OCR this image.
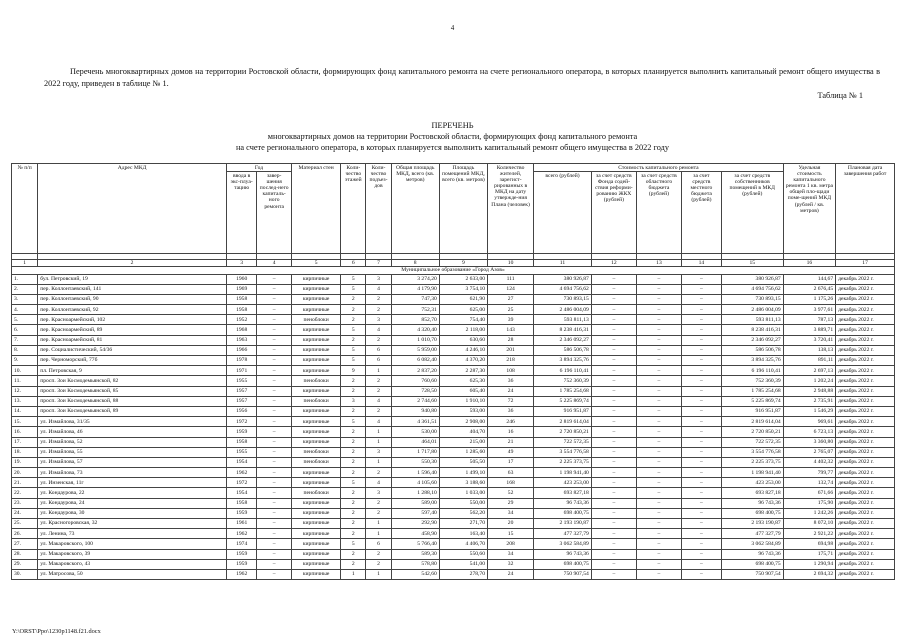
4
Перечень многоквартирных домов на территории Ростовской области, формирующих фонд капитального ремонта на счете регионального оператора, в которых планируется выполнить капитальный ремонт общего имущества в 2022 году, приведен в таблице № 1.
Таблица № 1
ПЕРЕЧЕНЬ
многоквартирных домов на территории Ростовской области, формирующих фонд капитального ремонта
на счете регионального оператора, в которых планируется выполнить капитальный ремонт общего имущества в 2022 году
№ п/п	Адрес МКД	Год		Материал стен	Коли-чество этажей	Коли-чество подъез-дов	Общая площадь МКД, всего (кв. метров)	Площадь помещений МКД, всего (кв. метров)	Количество жителей, зарегист-рированных в МКД на дату утвержде-ния Плана (человек)	Стоимость капитального ремонта					Удельная стоимость капитального ремонта 1 кв. метра общей пло-щади поме-щений МКД (рублей / кв. метров)	Плановая дата завершения работ
		ввода в экс-плуа-тацию	завер-шения послед-него капиталь-ного ремонта							всего (рублей)	за счет средств Фонда содей-ствия реформи-рованию ЖКХ (рублей)	за счет средств областного бюджета (рублей)	за счет средств местного бюджета (рублей)	за счет средств собственников помещений в МКД (рублей)		

1	2	3	4	5	6	7	8	9	10	11	12	13	14	15	16	17
Муниципальное образование «Город Азов»																
1.	бул. Петровский, 19	1960	–	кирпичные	5	3	3 274,20	2 633,00	111	380 926,87	–	–	–	380 926,87	144,67	декабрь 2022 г.
2.	пер. Коллонтаевский, 141	1969	–	кирпичные	5	4	4 179,90	3 754,10	124	4 694 756,62	–	–	–	4 694 756,62	2 676,45	декабрь 2022 г.
3.	пер. Коллонтаевский, 90	1958	–	кирпичные	2	2	747,30	621,90	27	730 893,15	–	–	–	730 893,15	1 175,26	декабрь 2022 г.
4.	пер. Коллонтаевский, 92	1958	–	кирпичные	2	2	752,31	625,00	25	2 486 004,09	–	–	–	2 486 004,09	3 977,61	декабрь 2022 г.
5.	пер. Красноармейский, 102	1952	–	пеноблоки	2	3	852,70	754,40	39	593 811,13	–	–	–	593 811,13	787,13	декабрь 2022 г.
6.	пер. Красноармейский, 89	1968	–	кирпичные	5	4	4 320,40	2 118,00	143	8 238 416,31	–	–	–	8 238 416,31	3 889,71	декабрь 2022 г.
7.	пер. Красноармейский, 81	1963	–	кирпичные	2	2	1 010,70	630,60	28	2 346 092,27	–	–	–	2 346 092,27	3 720,41	декабрь 2022 г.
8.	пер. Социалистический, 54/36	1966	–	кирпичные	5	6	5 959,00	4 246,10	201	586 506,78	–	–	–	586 506,78	138,13	декабрь 2022 г.
9.	пер. Черноморский, 77б	1978	–	кирпичные	5	6	6 082,40	4 370,20	218	3 894 325,76	–	–	–	3 894 325,76	891,11	декабрь 2022 г.
10.	пл. Петровская, 9	1971	–	кирпичные	9	1	2 837,20	2 287,30	108	6 196 110,41	–	–	–	6 196 110,41	2 697,13	декабрь 2022 г.
11.	просп. Зои Космодемьянской, 82	1955	–	пеноблоки	2	2	760,60	625,30	36	752 360,39	–	–	–	752 360,39	1 202,24	декабрь 2022 г.
12.	просп. Зои Космодемьянской, 85	1957	–	кирпичные	2	2	728,50	605,40	24	1 785 254,68	–	–	–	1 785 254,68	2 948,88	декабрь 2022 г.
13.	просп. Зои Космодемьянской, 88	1957	–	пеноблоки	3	4	2 744,60	1 910,10	72	5 225 869,74	–	–	–	5 225 869,74	2 735,91	декабрь 2022 г.
14.	просп. Зои Космодемьянской, 89	1956	–	кирпичные	2	2	940,80	593,00	36	916 951,87	–	–	–	916 951,87	1 546,29	декабрь 2022 г.
15.	ул. Измайлова, 31/35	1972	–	кирпичные	5	4	4 361,51	2 908,00	246	2 819 614,04	–	–	–	2 819 614,04	969,61	декабрь 2022 г.
16.	ул. Измайлова, 46	1959	–	кирпичные	2	1	530,00	404,70	16	2 720 850,21	–	–	–	2 720 850,21	6 723,13	декабрь 2022 г.
17.	ул. Измайлова, 52	1958	–	кирпичные	2	1	464,01	215,00	21	722 572,35	–	–	–	722 572,35	3 360,80	декабрь 2022 г.
18.	ул. Измайлова, 55	1955	–	пеноблоки	2	3	1 717,80	1 285,60	49	3 554 776,58	–	–	–	3 554 776,58	2 765,07	декабрь 2022 г.
19.	ул. Измайлова, 57	1954	–	пеноблоки	2	1	550,30	505,50	17	2 225 373,75	–	–	–	2 225 373,75	4 402,32	декабрь 2022 г.
20.	ул. Измайлова, 73	1962	–	кирпичные	2	2	1 596,40	1 499,10	63	1 198 941,40	–	–	–	1 198 941,40	799,77	декабрь 2022 г.
21.	ул. Инзенская, 11г	1972	–	кирпичные	5	4	4 105,60	3 188,60	168	423 253,00	–	–	–	423 253,00	132,74	декабрь 2022 г.
22.	ул. Кондаурова, 22	1954	–	пеноблоки	2	3	1 288,10	1 033,00	52	693 827,18	–	–	–	693 827,18	671,66	декабрь 2022 г.
23.	ул. Кондаурова, 24	1958	–	кирпичные	2	2	589,00	550,00	29	96 743,36	–	–	–	96 743,36	175,90	декабрь 2022 г.
24.	ул. Кондаурова, 30	1959	–	кирпичные	2	2	597,40	562,20	34	698 400,75	–	–	–	698 400,75	1 242,26	декабрь 2022 г.
25.	ул. Красногоровская, 32	1961	–	кирпичные	2	1	292,90	271,70	20	2 193 190,87	–	–	–	2 193 190,87	8 072,10	декабрь 2022 г.
26.	ул. Ленина, 73	1962	–	кирпичные	2	1	458,90	163,40	15	477 327,79	–	–	–	477 327,79	2 921,22	декабрь 2022 г.
27.	ул. Макаровского, 100	1974	–	кирпичные	5	6	5 766,40	4 406,70	208	3 062 584,89	–	–	–	3 062 584,89	694,98	декабрь 2022 г.
28.	ул. Макаровского, 39	1959	–	кирпичные	2	2	589,30	550,60	34	96 743,36	–	–	–	96 743,36	175,71	декабрь 2022 г.
29.	ул. Макаровского, 43	1959	–	кирпичные	2	2	578,80	541,00	32	698 400,75	–	–	–	698 400,75	1 290,94	декабрь 2022 г.
30.	ул. Матросова, 50	1962	–	кирпичные	1	1	542,60	278,70	24	750 907,54	–	–	–	750 907,54	2 694,32	декабрь 2022 г.
Y:\ORST\Ppo\1230p1148.f21.docx
